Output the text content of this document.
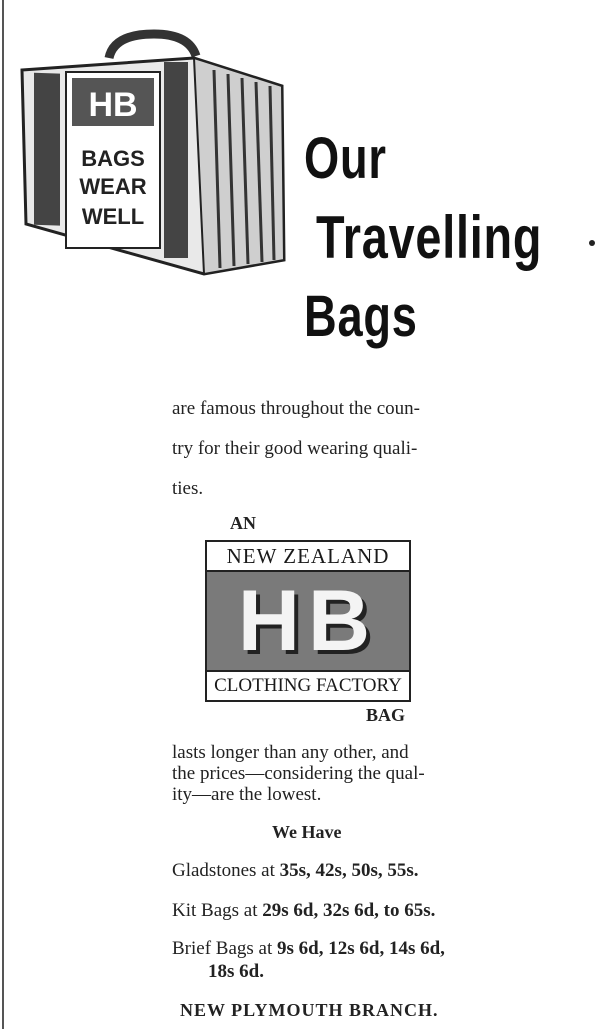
HB
BAGS
WEAR
WELL
Our
Travelling
Bags
are famous throughout the coun-
try for their good wearing quali-
ties.
AN
NEW ZEALAND
HB
CLOTHING FACTORY
BAG
lasts longer than any other, and
the prices—considering the qual-
ity—are the lowest.
We Have
Gladstones at 35s, 42s, 50s, 55s.
Kit Bags at 29s 6d, 32s 6d, to 65s.
Brief Bags at 9s 6d, 12s 6d, 14s 6d,
18s 6d.
NEW PLYMOUTH BRANCH.
